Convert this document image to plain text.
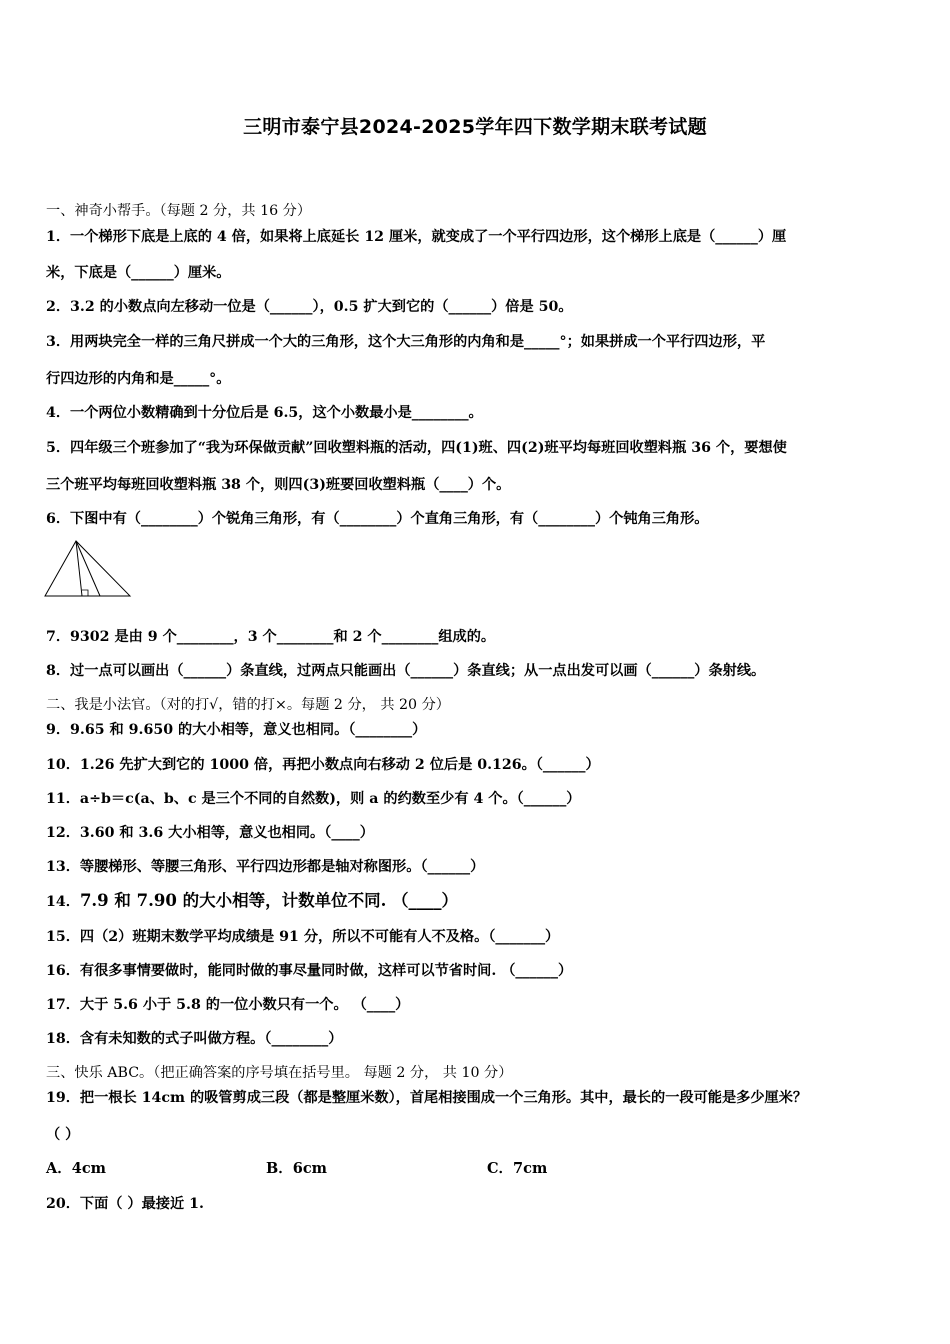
三明市泰宁县2024-2025学年四下数学期末联考试题
一、神奇小帮手。（每题 2 分，共 16 分）
1．一个梯形下底是上底的 4 倍，如果将上底延长 12 厘米，就变成了一个平行四边形，这个梯形上底是（______）厘
米，下底是（______）厘米。
2．3.2 的小数点向左移动一位是（______），0.5 扩大到它的（______）倍是 50。
3．用两块完全一样的三角尺拼成一个大的三角形，这个大三角形的内角和是_____°；如果拼成一个平行四边形，平
行四边形的内角和是_____°。
4．一个两位小数精确到十分位后是 6.5，这个小数最小是________。
5．四年级三个班参加了“我为环保做贡献”回收塑料瓶的活动，四(1)班、四(2)班平均每班回收塑料瓶 36 个，要想使
三个班平均每班回收塑料瓶 38 个，则四(3)班要回收塑料瓶（____）个。
6．下图中有（________）个锐角三角形，有（________）个直角三角形，有（________）个钝角三角形。
7．9302 是由 9 个________，3 个________和 2 个________组成的。
8．过一点可以画出（______）条直线，过两点只能画出（______）条直线；从一点出发可以画（______）条射线。
二、我是小法官。（对的打√，错的打×。每题 2 分， 共 20 分）
9．9.65 和 9.650 的大小相等，意义也相同。（________）
10．1.26 先扩大到它的 1000 倍，再把小数点向右移动 2 位后是 0.126。（______）
11．a÷b＝c(a、b、c 是三个不同的自然数)，则 a 的约数至少有 4 个。（______）
12．3.60 和 3.6 大小相等，意义也相同。（____）
13．等腰梯形、等腰三角形、平行四边形都是轴对称图形。（______）
14．7.9 和 7.90 的大小相等，计数单位不同. （____）
15．四（2）班期末数学平均成绩是 91 分，所以不可能有人不及格。（_______）
16．有很多事情要做时，能同时做的事尽量同时做，这样可以节省时间. （______）
17．大于 5.6 小于 5.8 的一位小数只有一个。 （____）
18．含有未知数的式子叫做方程。（________）
三、快乐 ABC。（把正确答案的序号填在括号里。 每题 2 分， 共 10 分）
19．把一根长 14cm 的吸管剪成三段（都是整厘米数），首尾相接围成一个三角形。其中，最长的一段可能是多少厘米？
（ ）
A．4cm	B．6cm	C．7cm
20．下面（ ）最接近 1.
